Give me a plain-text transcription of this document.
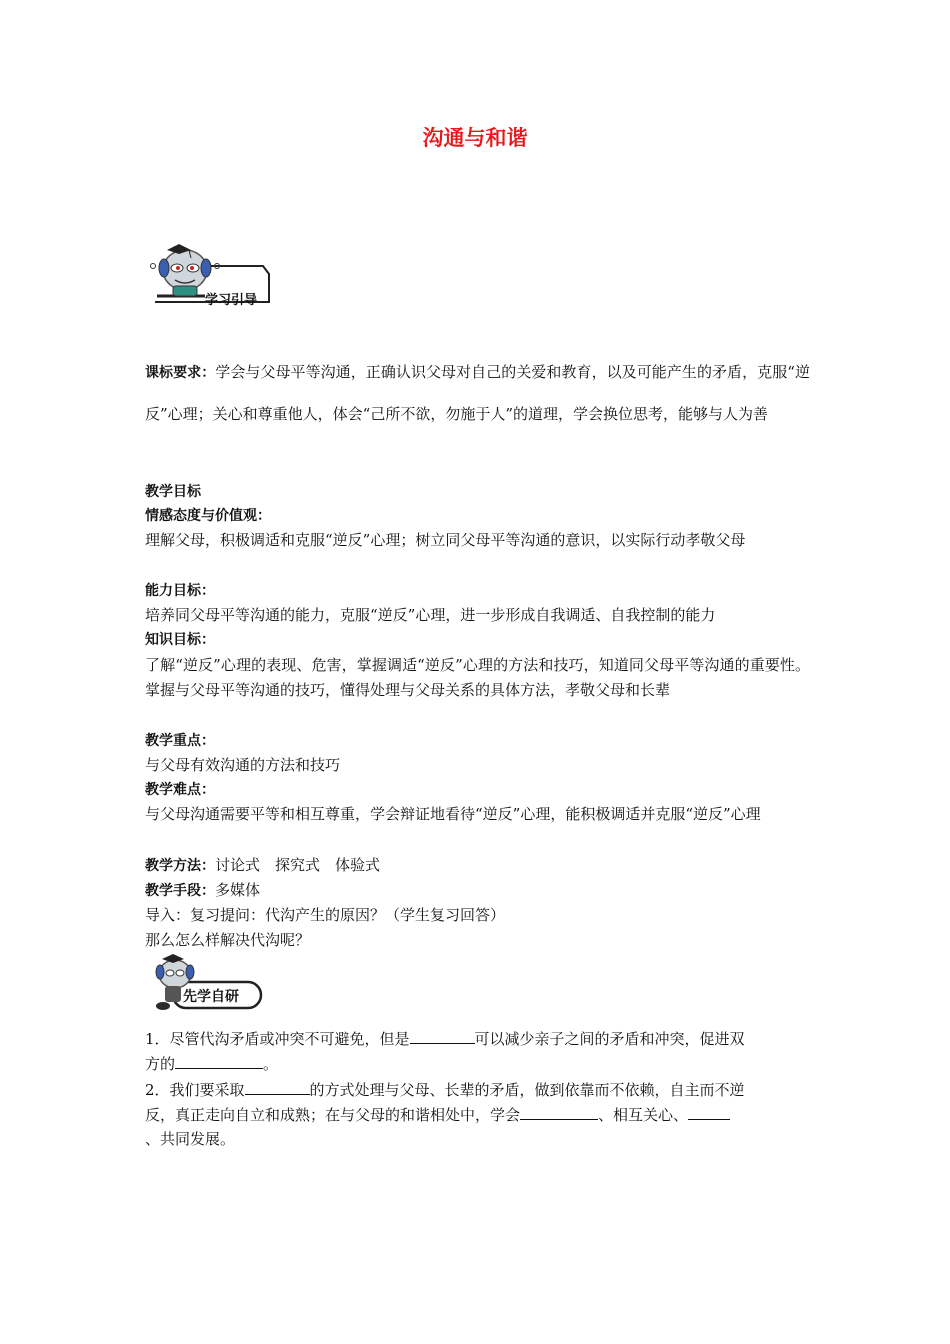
沟通与和谐
学习引导
课标要求：学会与父母平等沟通，正确认识父母对自己的关爱和教育，以及可能产生的矛盾，克服“逆反”心理；关心和尊重他人，体会“己所不欲，勿施于人”的道理，学会换位思考，能够与人为善
教学目标
情感态度与价值观：
理解父母，积极调适和克服“逆反”心理；树立同父母平等沟通的意识，以实际行动孝敬父母
能力目标：
培养同父母平等沟通的能力，克服“逆反”心理，进一步形成自我调适、自我控制的能力
知识目标：
了解“逆反”心理的表现、危害，掌握调适“逆反”心理的方法和技巧，知道同父母平等沟通的重要性。掌握与父母平等沟通的技巧，懂得处理与父母关系的具体方法，孝敬父母和长辈
教学重点：
与父母有效沟通的方法和技巧
教学难点：
与父母沟通需要平等和相互尊重，学会辩证地看待“逆反”心理，能积极调适并克服“逆反”心理
教学方法：讨论式　探究式　体验式
教学手段：多媒体
导入：复习提问：代沟产生的原因？（学生复习回答）
那么怎么样解决代沟呢？
先学自研
1．尽管代沟矛盾或冲突不可避免，但是	可以减少亲子之间的矛盾和冲突，促进双
方的	。
2．我们要采取	的方式处理与父母、长辈的矛盾，做到依靠而不依赖，自主而不逆
反，真正走向自立和成熟；在与父母的和谐相处中，学会	、相互关心、
、共同发展。
